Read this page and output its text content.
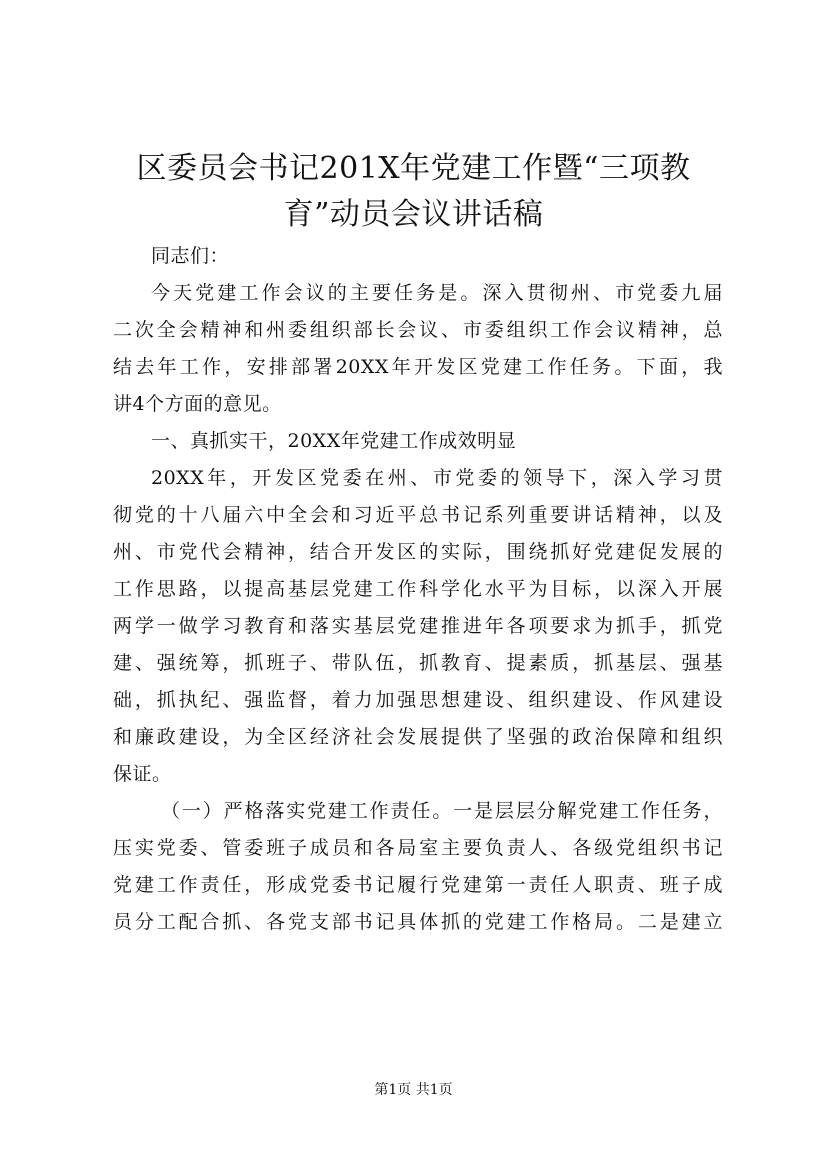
区委员会书记201X年党建工作暨“三项教
育”动员会议讲话稿
同志们：
今天党建工作会议的主要任务是。深入贯彻州、市党委九届
二次全会精神和州委组织部长会议、市委组织工作会议精神，总
结去年工作，安排部署20XX年开发区党建工作任务。下面，我
讲4个方面的意见。
一、真抓实干，20XX年党建工作成效明显
20XX年，开发区党委在州、市党委的领导下，深入学习贯
彻党的十八届六中全会和习近平总书记系列重要讲话精神，以及
州、市党代会精神，结合开发区的实际，围绕抓好党建促发展的
工作思路，以提高基层党建工作科学化水平为目标，以深入开展
两学一做学习教育和落实基层党建推进年各项要求为抓手，抓党
建、强统筹，抓班子、带队伍，抓教育、提素质，抓基层、强基
础，抓执纪、强监督，着力加强思想建设、组织建设、作风建设
和廉政建设，为全区经济社会发展提供了坚强的政治保障和组织
保证。
（一）严格落实党建工作责任。一是层层分解党建工作任务，
压实党委、管委班子成员和各局室主要负责人、各级党组织书记
党建工作责任，形成党委书记履行党建第一责任人职责、班子成
员分工配合抓、各党支部书记具体抓的党建工作格局。二是建立
第1页 共1页
